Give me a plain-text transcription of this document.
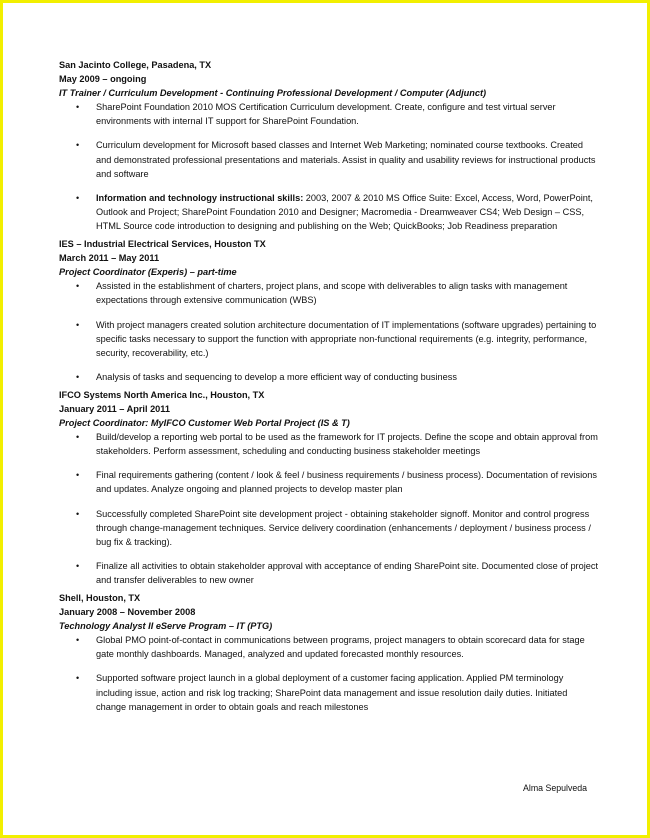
San Jacinto College, Pasadena, TX
May 2009 – ongoing
IT Trainer / Curriculum Development - Continuing Professional Development / Computer (Adjunct)
• SharePoint Foundation 2010 MOS Certification Curriculum development. Create, configure and test virtual server environments with internal IT support for SharePoint Foundation.
• Curriculum development for Microsoft based classes and Internet Web Marketing; nominated course textbooks. Created and demonstrated professional presentations and materials. Assist in quality and usability reviews for instructional products and software
• Information and technology instructional skills: 2003, 2007 & 2010 MS Office Suite: Excel, Access, Word, PowerPoint, Outlook and Project; SharePoint Foundation 2010 and Designer; Macromedia - Dreamweaver CS4; Web Design – CSS, HTML Source code introduction to designing and publishing on the Web; QuickBooks; Job Readiness preparation
IES – Industrial Electrical Services, Houston TX
March 2011 – May 2011
Project Coordinator (Experis) – part-time
• Assisted in the establishment of charters, project plans, and scope with deliverables to align tasks with management expectations through extensive communication (WBS)
• With project managers created solution architecture documentation of IT implementations (software upgrades) pertaining to specific tasks necessary to support the function with appropriate non-functional requirements (e.g. integrity, performance, security, recoverability, etc.)
• Analysis of tasks and sequencing to develop a more efficient way of conducting business
IFCO Systems North America Inc., Houston, TX
January 2011 – April 2011
Project Coordinator: MyIFCO Customer Web Portal Project (IS & T)
• Build/develop a reporting web portal to be used as the framework for IT projects. Define the scope and obtain approval from stakeholders. Perform assessment, scheduling and conducting business stakeholder meetings
• Final requirements gathering (content / look & feel / business requirements / business process). Documentation of revisions and updates. Analyze ongoing and planned projects to develop master plan
• Successfully completed SharePoint site development project - obtaining stakeholder signoff. Monitor and control progress through change-management techniques. Service delivery coordination (enhancements / deployment / business process / bug fix & tracking).
• Finalize all activities to obtain stakeholder approval with acceptance of ending SharePoint site. Documented close of project and transfer deliverables to new owner
Shell, Houston, TX
January 2008 – November 2008
Technology Analyst II eServe Program – IT (PTG)
• Global PMO point-of-contact in communications between programs, project managers to obtain scorecard data for stage gate monthly dashboards. Managed, analyzed and updated forecasted monthly resources.
• Supported software project launch in a global deployment of a customer facing application. Applied PM terminology including issue, action and risk log tracking; SharePoint data management and issue resolution daily duties. Initiated change management in order to obtain goals and reach milestones
Alma Sepulveda
